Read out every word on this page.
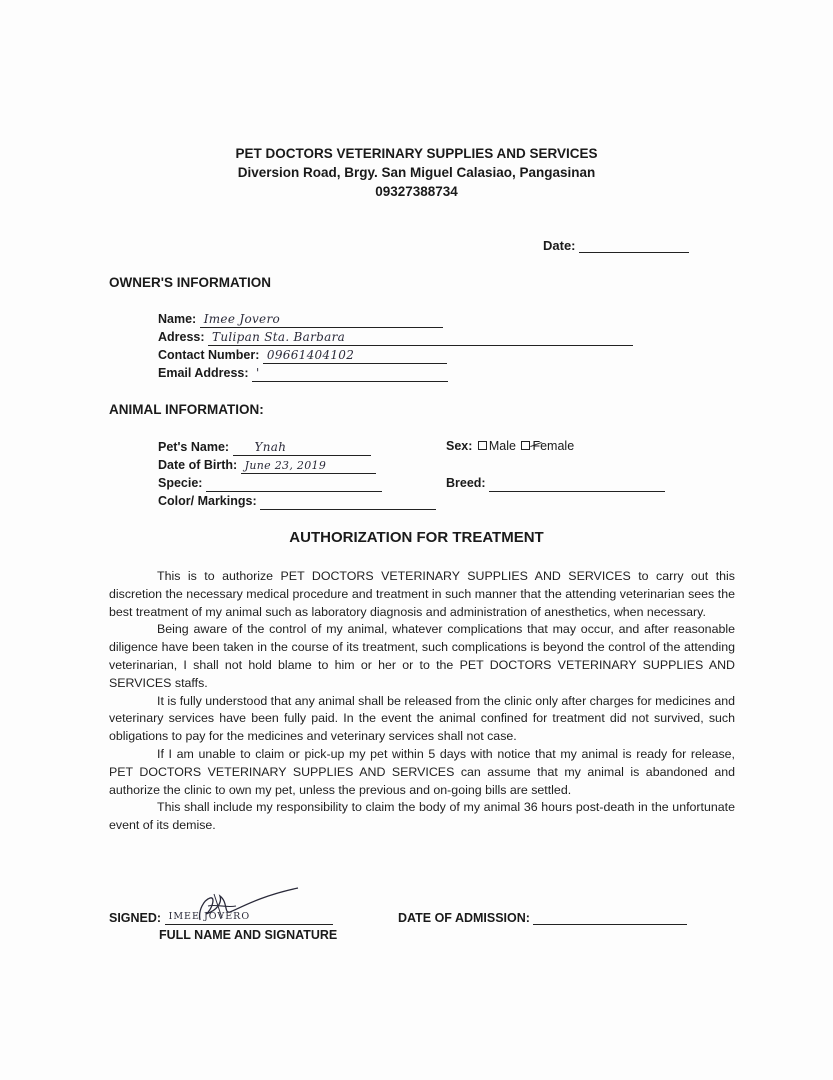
PET DOCTORS VETERINARY SUPPLIES AND SERVICES
Diversion Road, Brgy. San Miguel Calasiao, Pangasinan
09327388734
Date:
OWNER'S INFORMATION
Name: Imee Jovero
Adress: Tulipan Sta. Barbara
Contact Number: 09661404102
Email Address: '
ANIMAL INFORMATION:
Pet's Name: Ynah
Date of Birth: June 23, 2019
Specie:
Color/ Markings:
Sex: Male Female
Breed:
AUTHORIZATION FOR TREATMENT

This is to authorize PET DOCTORS VETERINARY SUPPLIES AND SERVICES to carry out this discretion the necessary medical procedure and treatment in such manner that the attending veterinarian sees the best treatment of my animal such as laboratory diagnosis and administration of anesthetics, when necessary.

Being aware of the control of my animal, whatever complications that may occur, and after reasonable diligence have been taken in the course of its treatment, such complications is beyond the control of the attending veterinarian, I shall not hold blame to him or her or to the PET DOCTORS VETERINARY SUPPLIES AND SERVICES staffs.

It is fully understood that any animal shall be released from the clinic only after charges for medicines and veterinary services have been fully paid. In the event the animal confined for treatment did not survived, such obligations to pay for the medicines and veterinary services shall not case.

If I am unable to claim or pick-up my pet within 5 days with notice that my animal is ready for release, PET DOCTORS VETERINARY SUPPLIES AND SERVICES can assume that my animal is abandoned and authorize the clinic to own my pet, unless the previous and on-going bills are settled.

This shall include my responsibility to claim the body of my animal 36 hours post-death in the unfortunate event of its demise.

SIGNED: IMEE JOVERO
FULL NAME AND SIGNATURE
DATE OF ADMISSION:
